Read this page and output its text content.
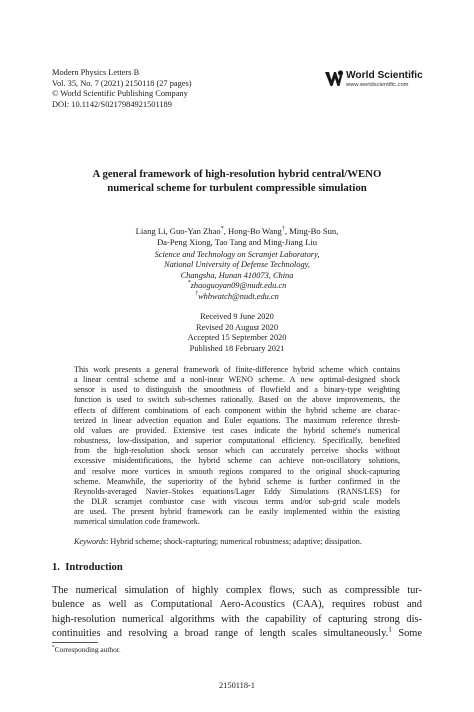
Modern Physics Letters B
Vol. 35, No. 7 (2021) 2150118 (27 pages)
© World Scientific Publishing Company
DOI: 10.1142/S0217984921501189
World Scientific
www.worldscientific.com
A general framework of high-resolution hybrid central/WENO
numerical scheme for turbulent compressible simulation
Liang Li, Guo-Yan Zhao*, Hong-Bo Wang†, Ming-Bo Sun,
Da-Peng Xiong, Tao Tang and Ming-Jiang Liu
Science and Technology on Scramjet Laboratory,
National University of Defense Technology,
Changsha, Hunan 410073, China
*zhaoguoyan09@nudt.edu.cn
†whbwatch@nudt.edu.cn
Received 9 June 2020
Revised 20 August 2020
Accepted 15 September 2020
Published 18 February 2021
This work presents a general framework of finite-difference hybrid scheme which contains
a linear central scheme and a nonl-inear WENO scheme. A new optimal-designed shock
sensor is used to distinguish the smoothness of flowfield and a binary-type weighting
function is used to switch sub-schemes rationally. Based on the above improvements, the
effects of different combinations of each component within the hybrid scheme are charac-
terized in linear advection equation and Euler equations. The maximum reference thresh-
old values are provided. Extensive test cases indicate the hybrid scheme's numerical
robustness, low-dissipation, and superior computational efficiency. Specifically, benefited
from the high-resolution shock sensor which can accurately perceive shocks without
excessive misidentifications, the hybrid scheme can achieve non-oscillatory solutions,
and resolve more vortices in smooth regions compared to the original shock-capturing
scheme. Meanwhile, the superiority of the hybrid scheme is further confirmed in the
Reynolds-averaged Navier–Stokes equations/Lager Eddy Simulations (RANS/LES) for
the DLR scramjet combustor case with viscous terms and/or sub-grid scale models
are used. The present hybrid framework can be easily implemented within the existing
numerical simulation code framework.
Keywords: Hybrid scheme; shock-capturing; numerical robustness; adaptive; dissipation.
1. Introduction
The numerical simulation of highly complex flows, such as compressible tur-
bulence as well as Computational Aero-Acoustics (CAA), requires robust and
high-resolution numerical algorithms with the capability of capturing strong dis-
continuities and resolving a broad range of length scales simultaneously.$^1$ Some
*Corresponding author.
2150118-1
